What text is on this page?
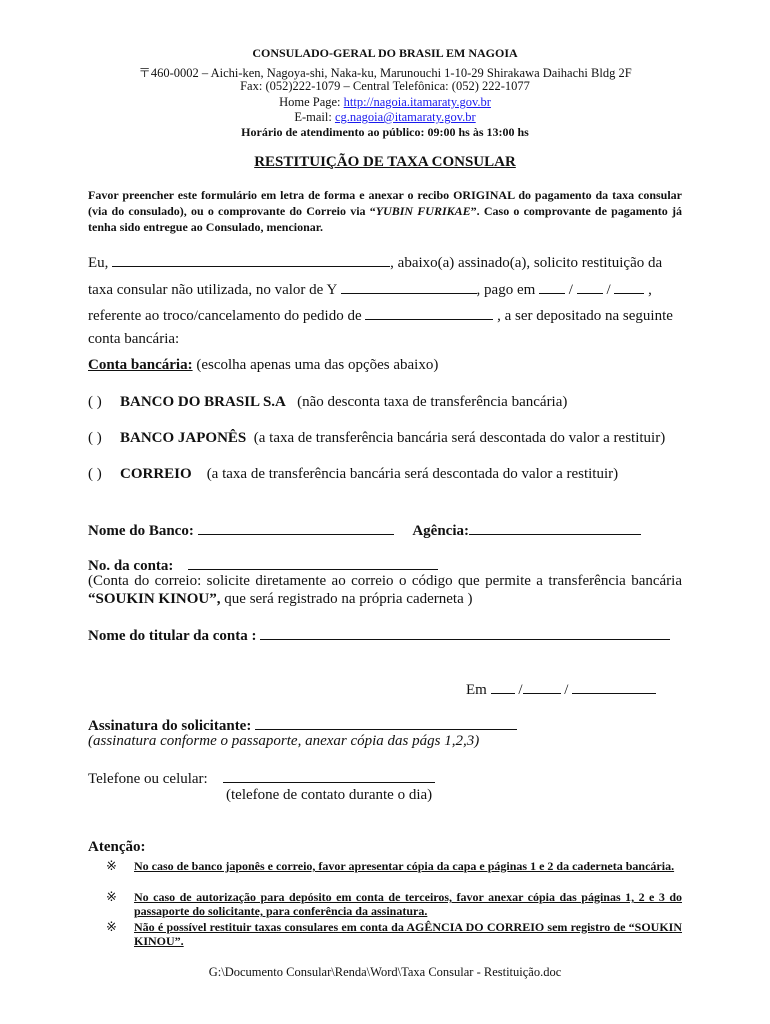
CONSULADO-GERAL DO BRASIL EM NAGOIA
〒460-0002 – Aichi-ken, Nagoya-shi, Naka-ku, Marunouchi 1-10-29 Shirakawa Daihachi Bldg 2F
Fax: (052)222-1079 – Central Telefônica: (052) 222-1077
Home Page: http://nagoia.itamaraty.gov.br
E-mail: cg.nagoia@itamaraty.gov.br
Horário de atendimento ao público: 09:00 hs às 13:00 hs
RESTITUIÇÃO DE TAXA CONSULAR
Favor preencher este formulário em letra de forma e anexar o recibo ORIGINAL do pagamento da taxa consular (via do consulado), ou o comprovante do Correio via “YUBIN FURIKAE”. Caso o comprovante de pagamento já tenha sido entregue ao Consulado, mencionar.
Eu,	, abaixo(a) assinado(a), solicito restituição da
taxa consular não utilizada, no valor de Y	, pago em  /  /  ,
referente ao troco/cancelamento do pedido de	, a ser depositado na seguinte
conta bancária:
Conta bancária: (escolha apenas uma das opções abaixo)
( ) BANCO DO BRASIL S.A (não desconta taxa de transferência bancária)
( ) BANCO JAPONÊS (a taxa de transferência bancária será descontada do valor a restituir)
( ) CORREIO (a taxa de transferência bancária será descontada do valor a restituir)
Nome do Banco:	Agência:
No. da conta:
(Conta do correio: solicite diretamente ao correio o código que permite a transferência bancária “SOUKIN KINOU”, que será registrado na própria caderneta )
Nome do titular da conta :
Em  /	/
Assinatura do solicitante:
(assinatura conforme o passaporte, anexar cópia das págs 1,2,3)
Telefone ou celular:
(telefone de contato durante o dia)
Atenção:
※ No caso de banco japonês e correio, favor apresentar cópia da capa e páginas 1 e 2 da caderneta bancária.
※ No caso de autorização para depósito em conta de terceiros, favor anexar cópia das páginas 1, 2 e 3 do passaporte do solicitante, para conferência da assinatura.
※ Não é possível restituir taxas consulares em conta da AGÊNCIA DO CORREIO sem registro de “SOUKIN KINOU”.
G:\Documento Consular\Renda\Word\Taxa Consular - Restituição.doc
